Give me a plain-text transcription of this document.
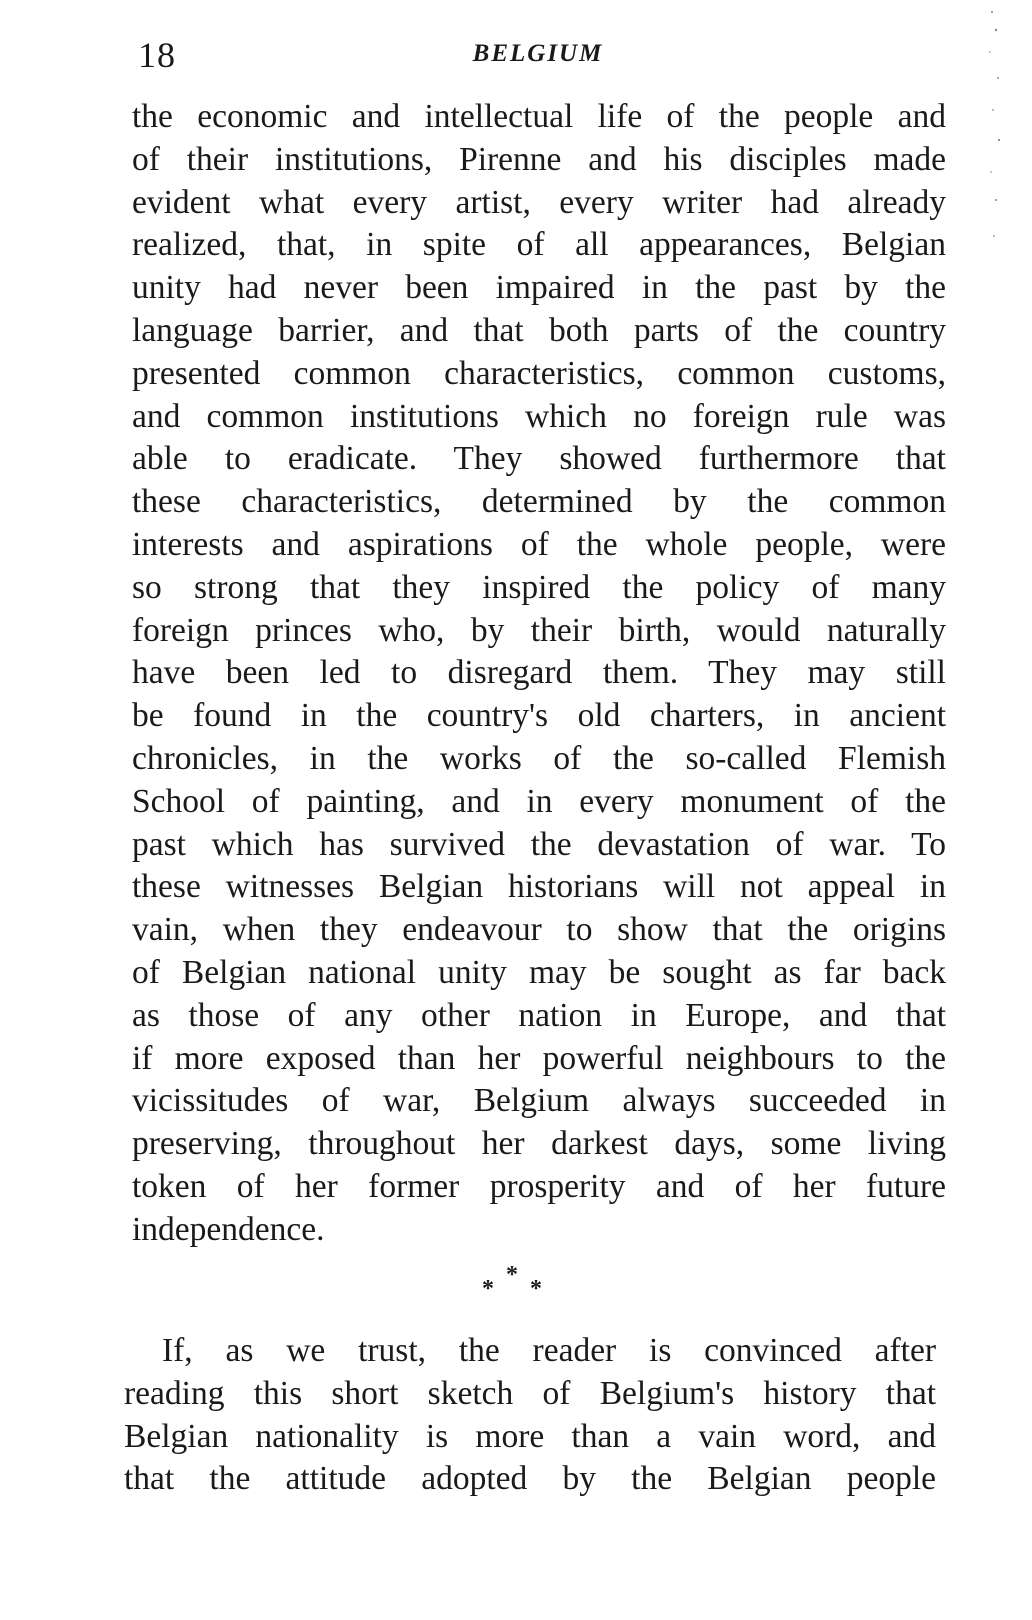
18	BELGIUM
the economic and intellectual life of the people and
of their institutions, Pirenne and his disciples made
evident what every artist, every writer had already
realized, that, in spite of all appearances, Belgian
unity had never been impaired in the past by the
language barrier, and that both parts of the country
presented common characteristics, common customs,
and common institutions which no foreign rule was
able to eradicate. They showed furthermore that
these characteristics, determined by the common
interests and aspirations of the whole people, were
so strong that they inspired the policy of many
foreign princes who, by their birth, would naturally
have been led to disregard them. They may still
be found in the country's old charters, in ancient
chronicles, in the works of the so-called Flemish
School of painting, and in every monument of the
past which has survived the devastation of war. To
these witnesses Belgian historians will not appeal in
vain, when they endeavour to show that the origins
of Belgian national unity may be sought as far back
as those of any other nation in Europe, and that
if more exposed than her powerful neighbours to the
vicissitudes of war, Belgium always succeeded in
preserving, throughout her darkest days, some living
token of her former prosperity and of her future
independence.
*
* *
If, as we trust, the reader is convinced after
reading this short sketch of Belgium's history that
Belgian nationality is more than a vain word, and
that the attitude adopted by the Belgian people
